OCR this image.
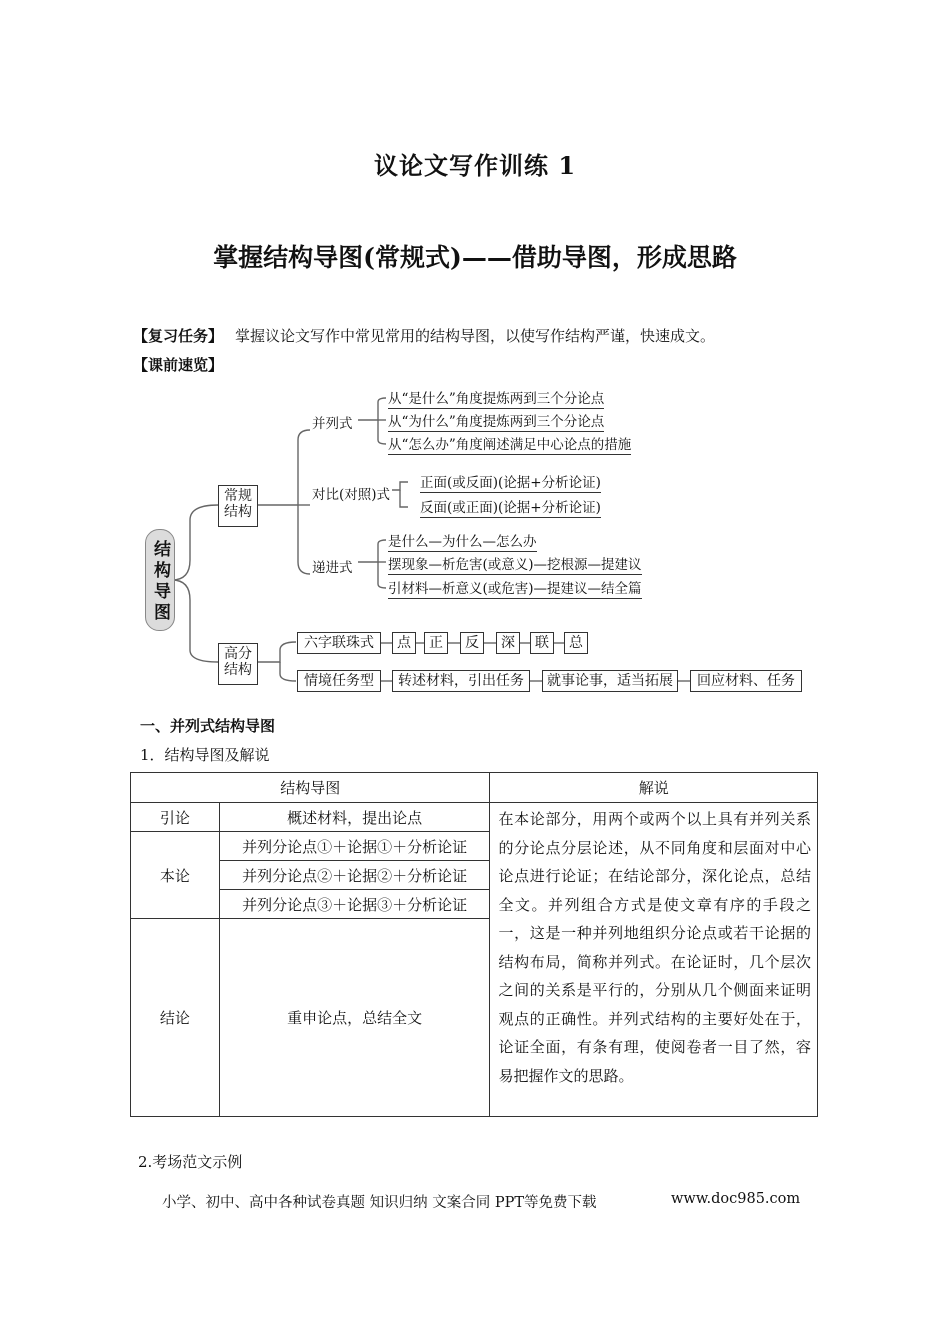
议论文写作训练 1
掌握结构导图(常规式)——借助导图，形成思路
【复习任务】 掌握议论文写作中常见常用的结构导图，以使写作结构严谨，快速成文。
【课前速览】
结构导图
常规结构
高分结构
并列式
对比(对照)式
递进式
从“是什么”角度提炼两到三个分论点
从“为什么”角度提炼两到三个分论点
从“怎么办”角度阐述满足中心论点的措施
正面(或反面)(论据+分析论证)
反面(或正面)(论据+分析论证)
是什么—为什么—怎么办
摆现象—析危害(或意义)—挖根源—提建议
引材料—析意义(或危害)—提建议—结全篇
六字联珠式	点	正	反	深	联	总
情境任务型	转述材料，引出任务	就事论事，适当拓展	回应材料、任务
一、并列式结构导图
1．结构导图及解说
结构导图		解说
引论	概述材料，提出论点	在本论部分，用两个或两个以上具有并列关系的分论点分层论述，从不同角度和层面对中心论点进行论证；在结论部分，深化论点，总结全文。并列组合方式是使文章有序的手段之一，这是一种并列地组织分论点或若干论据的结构布局，简称并列式。在论证时，几个层次之间的关系是平行的，分别从几个侧面来证明观点的正确性。并列式结构的主要好处在于，论证全面，有条有理，使阅卷者一目了然，容易把握作文的思路。
本论	并列分论点①＋论据①＋分析论证	
	并列分论点②＋论据②＋分析论证	
	并列分论点③＋论据③＋分析论证	
结论	重申论点，总结全文	
2.考场范文示例
小学、初中、高中各种试卷真题 知识归纳 文案合同 PPT等免费下载	www.doc985.com
